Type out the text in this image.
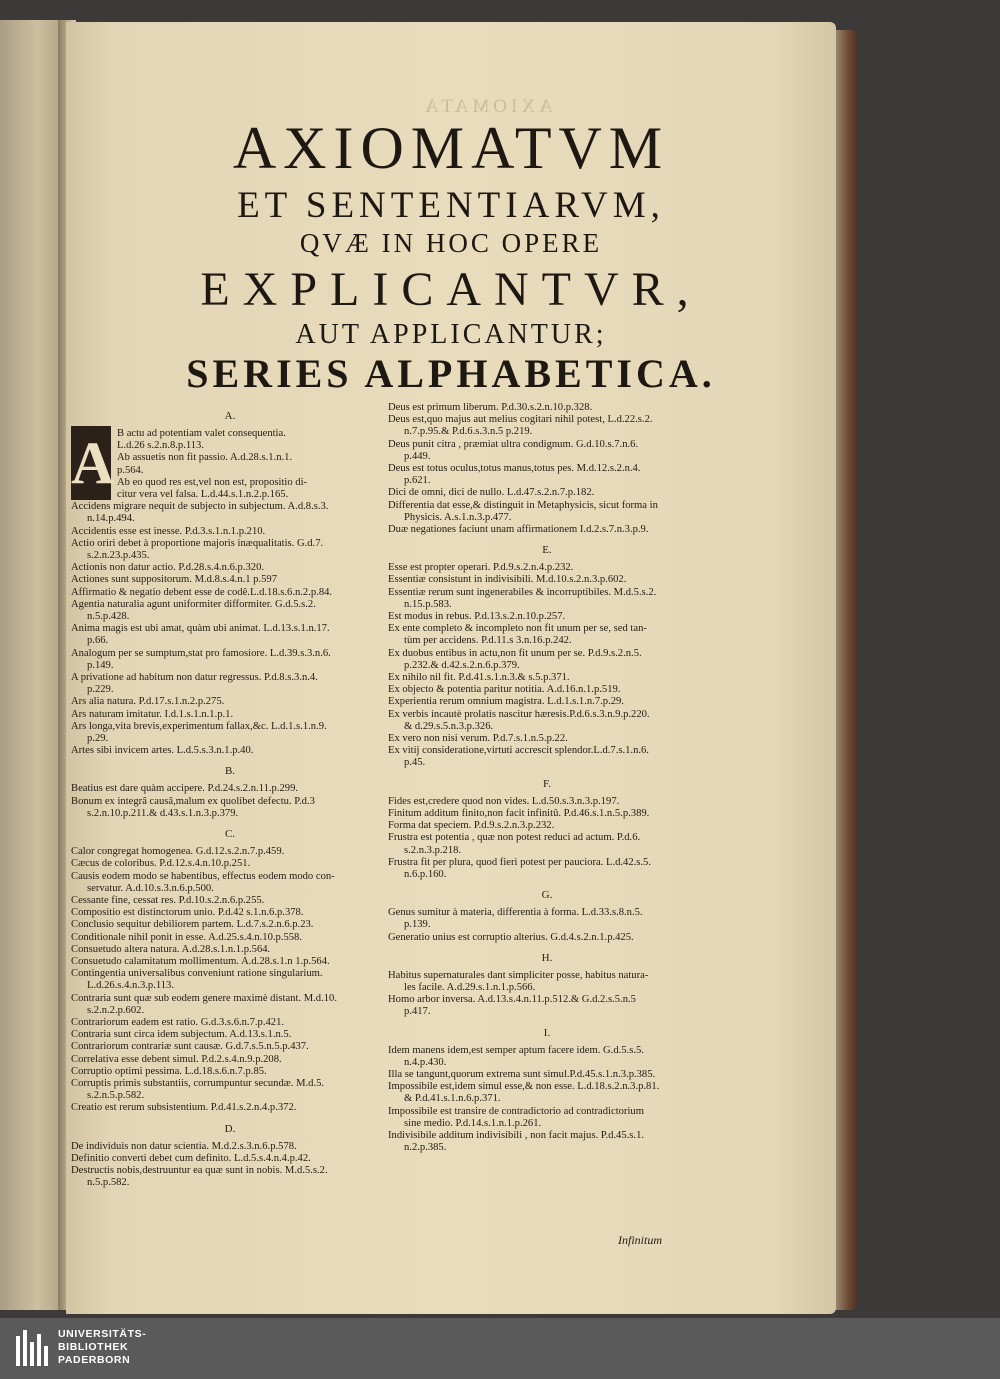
AXIOMATA
AXIOMATVM
ET SENTENTIARVM,
QVÆ IN HOC OPERE
EXPLICANTVR,
AUT APPLICANTUR;
SERIES ALPHABETICA.
A
A.
B actu ad potentiam valet consequentia.
L.d.26 s.2.n.8.p.113.
Ab assuetis non fit passio. A.d.28.s.1.n.1.
p.564.
Ab eo quod res est,vel non est, propositio di-
citur vera vel falsa. L.d.44.s.1.n.2.p.165.
Accidens migrare nequit de subjecto in subjectum. A.d.8.s.3.
n.14.p.494.
Accidentis esse est inesse. P.d.3.s.1.n.1.p.210.
Actio oriri debet à proportione majoris inæqualitatis. G.d.7.
s.2.n.23.p.435.
Actionis non datur actio. P.d.28.s.4.n.6.p.320.
Actiones sunt suppositorum. M.d.8.s.4.n.1 p.597
Affirmatio & negatio debent esse de codê.L.d.18.s.6.n.2.p.84.
Agentia naturalia agunt uniformiter difformiter. G.d.5.s.2.
n.5.p.428.
Anima magis est ubi amat, quàm ubi animat. L.d.13.s.1.n.17.
p.66.
Analogum per se sumptum,stat pro famosiore. L.d.39.s.3.n.6.
p.149.
A privatione ad habitum non datur regressus. P.d.8.s.3.n.4.
p.229.
Ars alia natura. P.d.17.s.1.n.2.p.275.
Ars naturam imitatur. I.d.1.s.1.n.1.p.1.
Ars longa,vita brevis,experimentum fallax,&c. L.d.1.s.1.n.9.
p.29.
Artes sibi invicem artes. L.d.5.s.3.n.1.p.40.
B.
Beatius est dare quàm accipere. P.d.24.s.2.n.11.p.299.
Bonum ex integrâ causâ,malum ex quolibet defectu. P.d.3
s.2.n.10.p.211.& d.43.s.1.n.3.p.379.
C.
Calor congregat homogenea. G.d.12.s.2.n.7.p.459.
Cæcus de coloribus. P.d.12.s.4.n.10.p.251.
Causis eodem modo se habentibus, effectus eodem modo con-
servatur. A.d.10.s.3.n.6.p.500.
Cessante fine, cessat res. P.d.10.s.2.n.6.p.255.
Compositio est distinctorum unio. P.d.42 s.1.n.6.p.378.
Conclusio sequitur debiliorem partem. L.d.7.s.2.n.6.p.23.
Conditionale nihil ponit in esse. A.d.25.s.4.n.10.p.558.
Consuetudo altera natura. A.d.28.s.1.n.1.p.564.
Consuetudo calamitatum mollimentum. A.d.28.s.1.n 1.p.564.
Contingentia universalibus conveniunt ratione singularium.
L.d.26.s.4.n.3.p.113.
Contraria sunt quæ sub eodem genere maximè distant. M.d.10.
s.2.n.2.p.602.
Contrariorum eadem est ratio. G.d.3.s.6.n.7.p.421.
Contraria sunt circa idem subjectum. A.d.13.s.1.n.5.
Contrariorum contrariæ sunt causæ. G.d.7.s.5.n.5.p.437.
Correlativa esse debent simul. P.d.2.s.4.n.9.p.208.
Corruptio optimi pessima. L.d.18.s.6.n.7.p.85.
Corruptis primis substantiis, corrumpuntur secundæ. M.d.5.
s.2.n.5.p.582.
Creatio est rerum subsistentium. P.d.41.s.2.n.4.p.372.
D.
De individuis non datur scientia. M.d.2.s.3.n.6.p.578.
Definitio converti debet cum definito. L.d.5.s.4.n.4.p.42.
Destructis nobis,destruuntur ea quæ sunt in nobis. M.d.5.s.2.
n.5.p.582.
Deus est primum liberum. P.d.30.s.2.n.10.p.328.
Deus est,quo majus aut melius cogitari nihil potest, L.d.22.s.2.
n.7.p.95.& P.d.6.s.3.n.5 p.219.
Deus punit citra , præmiat ultra condignum. G.d.10.s.7.n.6.
p.449.
Deus est totus oculus,totus manus,totus pes. M.d.12.s.2.n.4.
p.621.
Dici de omni, dici de nullo. L.d.47.s.2.n.7.p.182.
Differentia dat esse,& distinguit in Metaphysicis, sicut forma in
Physicis. A.s.1.n.3.p.477.
Duæ negationes faciunt unam affirmationem I.d.2.s.7.n.3.p.9.
E.
Esse est propter operari. P.d.9.s.2.n.4.p.232.
Essentiæ consistunt in indivisibili. M.d.10.s.2.n.3.p.602.
Essentiæ rerum sunt ingenerabiles & incorruptibiles. M.d.5.s.2.
n.15.p.583.
Est modus in rebus. P.d.13.s.2.n.10.p.257.
Ex ente completo & incompleto non fit unum per se, sed tan-
tùm per accidens. P.d.11.s 3.n.16.p.242.
Ex duobus entibus in actu,non fit unum per se. P.d.9.s.2.n.5.
p.232.& d.42.s.2.n.6.p.379.
Ex nihilo nil fit. P.d.41.s.1.n.3.& s.5.p.371.
Ex objecto & potentia paritur notitia. A.d.16.n.1.p.519.
Experientia rerum omnium magistra. L.d.1.s.1.n.7.p.29.
Ex verbis incautè prolatis nascitur hæresis.P.d.6.s.3.n.9.p.220.
& d.29.s.5.n.3.p.326.
Ex vero non nisi verum. P.d.7.s.1.n.5.p.22.
Ex vitij consideratione,virtuti accrescit splendor.L.d.7.s.1.n.6.
p.45.
F.
Fides est,credere quod non vides. L.d.50.s.3.n.3.p.197.
Finitum additum finito,non facit infinitû. P.d.46.s.1.n.5.p.389.
Forma dat speciem. P.d.9.s.2.n.3.p.232.
Frustra est potentia , quæ non potest reduci ad actum. P.d.6.
s.2.n.3.p.218.
Frustra fit per plura, quod fieri potest per pauciora. L.d.42.s.5.
n.6.p.160.
G.
Genus sumitur à materia, differentia à forma. L.d.33.s.8.n.5.
p.139.
Generatio unius est corruptio alterius. G.d.4.s.2.n.1.p.425.
H.
Habitus supernaturales dant simpliciter posse, habitus natura-
les facile. A.d.29.s.1.n.1.p.566.
Homo arbor inversa. A.d.13.s.4.n.11.p.512.& G.d.2.s.5.n.5
p.417.
I.
Idem manens idem,est semper aptum facere idem. G.d.5.s.5.
n.4.p.430.
Illa se tangunt,quorum extrema sunt simul.P.d.45.s.1.n.3.p.385.
Impossibile est,idem simul esse,& non esse. L.d.18.s.2.n.3.p.81.
& P.d.41.s.1.n.6.p.371.
Impossibile est transire de contradictorio ad contradictorium
sine medio. P.d.14.s.1.n.1.p.261.
Indivisibile additum indivisibili , non facit majus. P.d.45.s.1.
n.2.p.385.
Infinitum
UNIVERSITÄTS-
BIBLIOTHEK
PADERBORN
